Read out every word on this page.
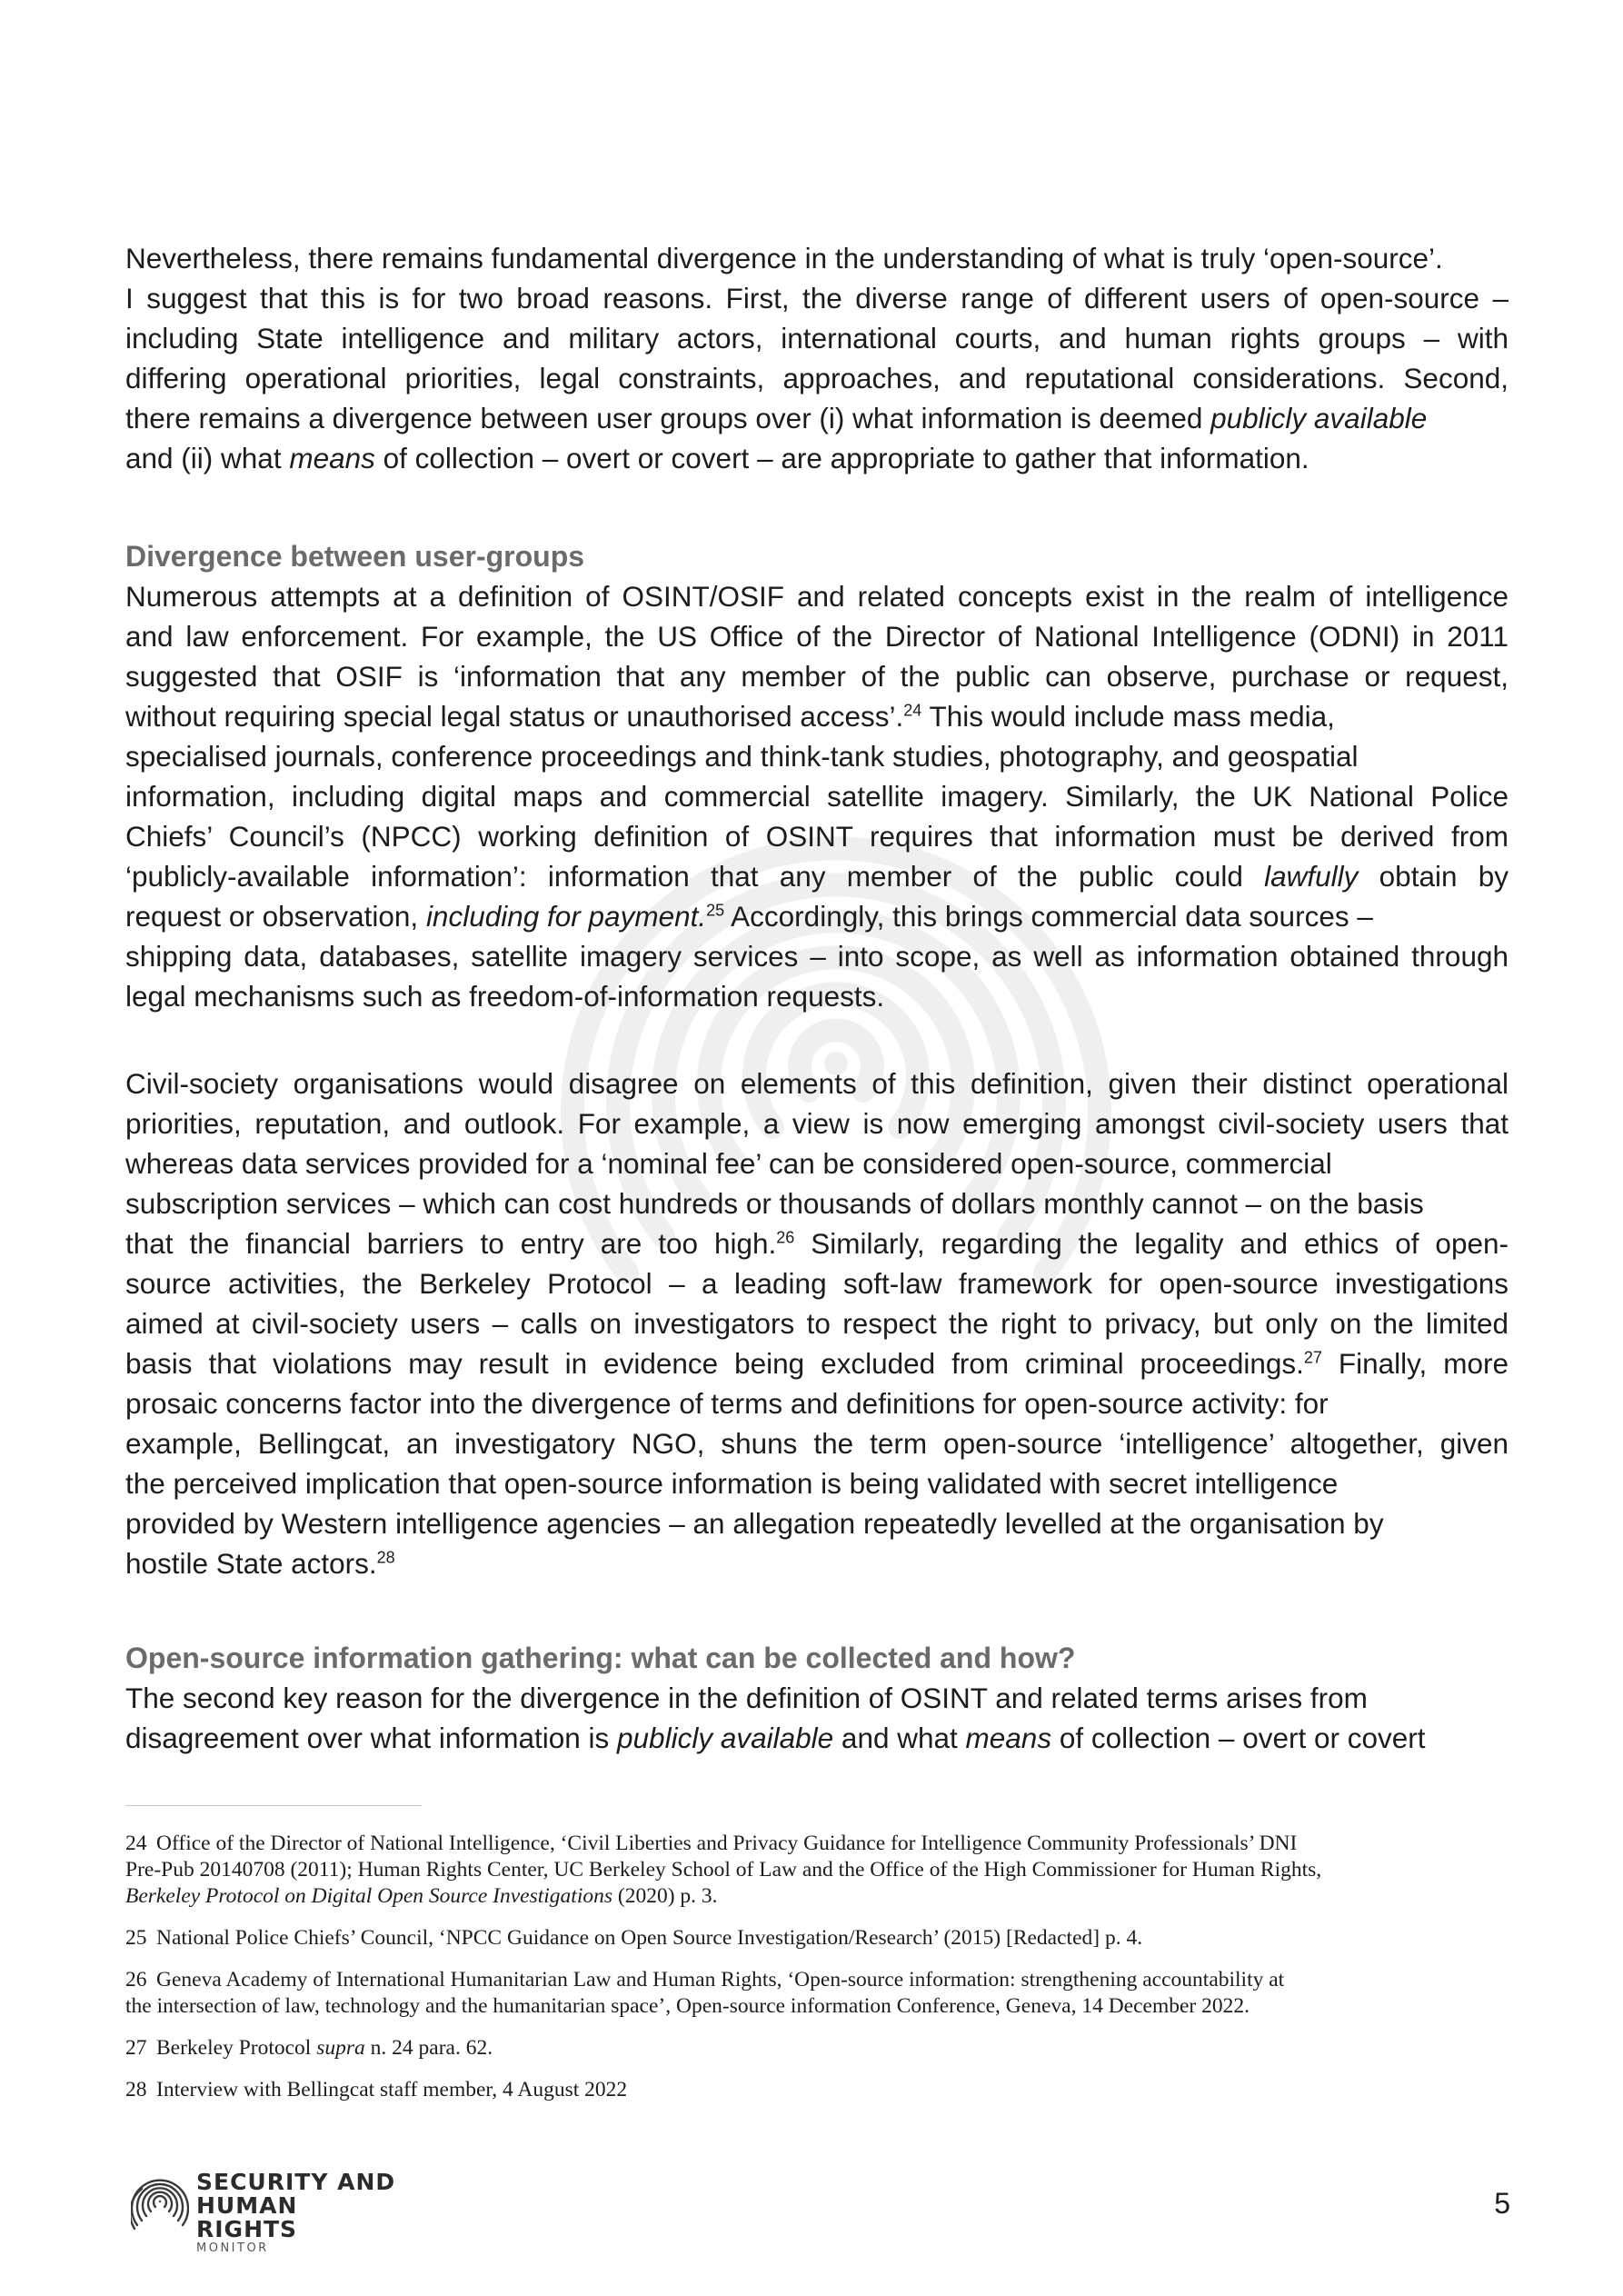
Nevertheless, there remains fundamental divergence in the understanding of what is truly ‘open-source’.
I suggest that this is for two broad reasons. First, the diverse range of different users of open-source –
including State intelligence and military actors, international courts, and human rights groups – with
differing operational priorities, legal constraints, approaches, and reputational considerations. Second,
there remains a divergence between user groups over (i) what information is deemed publicly available
and (ii) what means of collection – overt or covert – are appropriate to gather that information.

Divergence between user-groups

Numerous attempts at a definition of OSINT/OSIF and related concepts exist in the realm of intelligence
and law enforcement. For example, the US Office of the Director of National Intelligence (ODNI) in 2011
suggested that OSIF is ‘information that any member of the public can observe, purchase or request,
without requiring special legal status or unauthorised access’.$^{24}$ This would include mass media,
specialised journals, conference proceedings and think-tank studies, photography, and geospatial
information, including digital maps and commercial satellite imagery. Similarly, the UK National Police
Chiefs’ Council’s (NPCC) working definition of OSINT requires that information must be derived from
‘publicly-available information’: information that any member of the public could lawfully obtain by
request or observation, including for payment.$^{25}$ Accordingly, this brings commercial data sources –
shipping data, databases, satellite imagery services – into scope, as well as information obtained through
legal mechanisms such as freedom-of-information requests.

Civil-society organisations would disagree on elements of this definition, given their distinct operational
priorities, reputation, and outlook. For example, a view is now emerging amongst civil-society users that
whereas data services provided for a ‘nominal fee’ can be considered open-source, commercial
subscription services – which can cost hundreds or thousands of dollars monthly cannot – on the basis
that the financial barriers to entry are too high.$^{26}$ Similarly, regarding the legality and ethics of open-
source activities, the Berkeley Protocol – a leading soft-law framework for open-source investigations
aimed at civil-society users – calls on investigators to respect the right to privacy, but only on the limited
basis that violations may result in evidence being excluded from criminal proceedings.$^{27}$ Finally, more
prosaic concerns factor into the divergence of terms and definitions for open-source activity: for
example, Bellingcat, an investigatory NGO, shuns the term open-source ‘intelligence’ altogether, given
the perceived implication that open-source information is being validated with secret intelligence
provided by Western intelligence agencies – an allegation repeatedly levelled at the organisation by
hostile State actors.$^{28}$

Open-source information gathering: what can be collected and how?

The second key reason for the divergence in the definition of OSINT and related terms arises from
disagreement over what information is publicly available and what means of collection – overt or covert

24 Office of the Director of National Intelligence, ‘Civil Liberties and Privacy Guidance for Intelligence Community Professionals’ DNI
Pre-Pub 20140708 (2011); Human Rights Center, UC Berkeley School of Law and the Office of the High Commissioner for Human Rights,
Berkeley Protocol on Digital Open Source Investigations (2020) p. 3.
25 National Police Chiefs’ Council, ‘NPCC Guidance on Open Source Investigation/Research’ (2015) [Redacted] p. 4.
26 Geneva Academy of International Humanitarian Law and Human Rights, ‘Open-source information: strengthening accountability at
the intersection of law, technology and the humanitarian space’, Open-source information Conference, Geneva, 14 December 2022.
27 Berkeley Protocol supra n. 24 para. 62.
28 Interview with Bellingcat staff member, 4 August 2022
SECURITY AND
HUMAN RIGHTS
MONITOR
5
